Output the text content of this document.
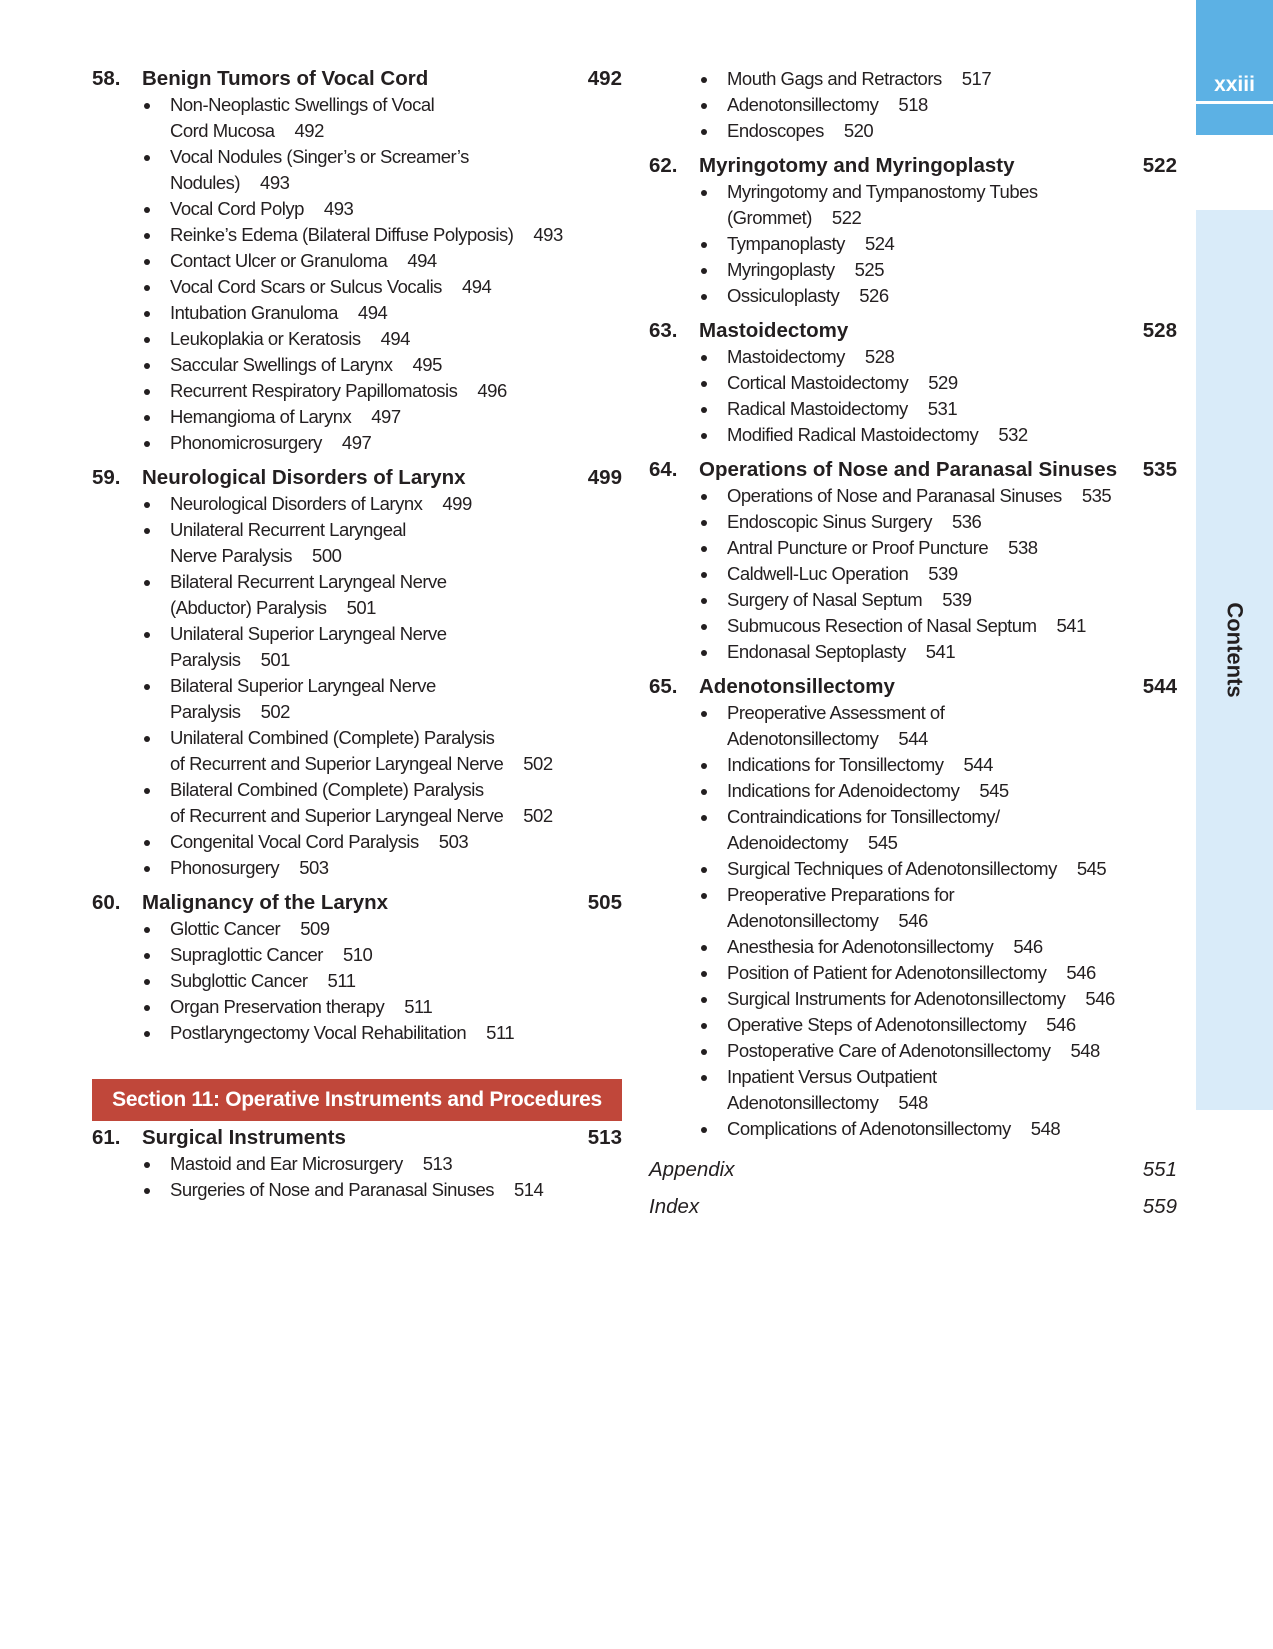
xxiii
Contents
58. Benign Tumors of Vocal Cord	492
Non-Neoplastic Swellings of Vocal
Cord Mucosa 492
Vocal Nodules (Singer’s or Screamer’s
Nodules) 493
Vocal Cord Polyp 493
Reinke’s Edema (Bilateral Diffuse Polyposis) 493
Contact Ulcer or Granuloma 494
Vocal Cord Scars or Sulcus Vocalis 494
Intubation Granuloma 494
Leukoplakia or Keratosis 494
Saccular Swellings of Larynx 495
Recurrent Respiratory Papillomatosis 496
Hemangioma of Larynx 497
Phonomicrosurgery 497
59. Neurological Disorders of Larynx	499
Neurological Disorders of Larynx 499
Unilateral Recurrent Laryngeal
Nerve Paralysis 500
Bilateral Recurrent Laryngeal Nerve
(Abductor) Paralysis 501
Unilateral Superior Laryngeal Nerve
Paralysis 501
Bilateral Superior Laryngeal Nerve
Paralysis 502
Unilateral Combined (Complete) Paralysis
of Recurrent and Superior Laryngeal Nerve 502
Bilateral Combined (Complete) Paralysis
of Recurrent and Superior Laryngeal Nerve 502
Congenital Vocal Cord Paralysis 503
Phonosurgery 503
60. Malignancy of the Larynx	505
Glottic Cancer 509
Supraglottic Cancer 510
Subglottic Cancer 511
Organ Preservation therapy 511
Postlaryngectomy Vocal Rehabilitation 511
Section 11: Operative Instruments and Procedures
61. Surgical Instruments	513
Mastoid and Ear Microsurgery 513
Surgeries of Nose and Paranasal Sinuses 514
Mouth Gags and Retractors 517
Adenotonsillectomy 518
Endoscopes 520
62. Myringotomy and Myringoplasty	522
Myringotomy and Tympanostomy Tubes
(Grommet) 522
Tympanoplasty 524
Myringoplasty 525
Ossiculoplasty 526
63. Mastoidectomy	528
Mastoidectomy 528
Cortical Mastoidectomy 529
Radical Mastoidectomy 531
Modified Radical Mastoidectomy 532
64. Operations of Nose and Paranasal Sinuses 535
Operations of Nose and Paranasal Sinuses 535
Endoscopic Sinus Surgery 536
Antral Puncture or Proof Puncture 538
Caldwell-Luc Operation 539
Surgery of Nasal Septum 539
Submucous Resection of Nasal Septum 541
Endonasal Septoplasty 541
65. Adenotonsillectomy	544
Preoperative Assessment of
Adenotonsillectomy 544
Indications for Tonsillectomy 544
Indications for Adenoidectomy 545
Contraindications for Tonsillectomy/
Adenoidectomy 545
Surgical Techniques of Adenotonsillectomy 545
Preoperative Preparations for
Adenotonsillectomy 546
Anesthesia for Adenotonsillectomy 546
Position of Patient for Adenotonsillectomy 546
Surgical Instruments for Adenotonsillectomy 546
Operative Steps of Adenotonsillectomy 546
Postoperative Care of Adenotonsillectomy 548
Inpatient Versus Outpatient
Adenotonsillectomy 548
Complications of Adenotonsillectomy 548
Appendix	551
Index	559
